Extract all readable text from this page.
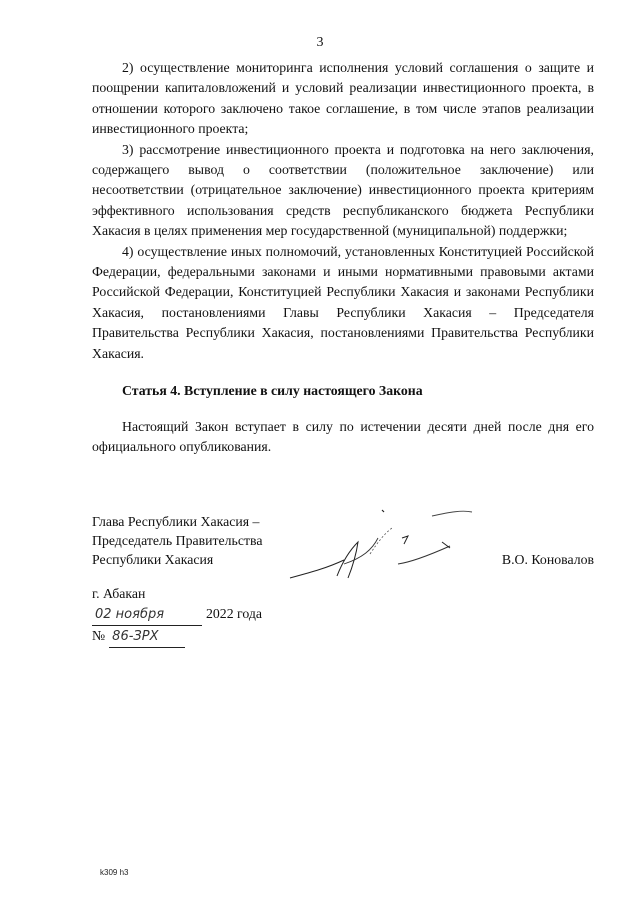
3

2) осуществление мониторинга исполнения условий соглашения о защите и поощрении капиталовложений и условий реализации инвестиционного проекта, в отношении которого заключено такое соглашение, в том числе этапов реализации инвестиционного проекта;

3) рассмотрение инвестиционного проекта и подготовка на него заключения, содержащего вывод о соответствии (положительное заключение) или несоответствии (отрицательное заключение) инвестиционного проекта критериям эффективного использования средств республиканского бюджета Республики Хакасия в целях применения мер государственной (муниципальной) поддержки;

4) осуществление иных полномочий, установленных Конституцией Российской Федерации, федеральными законами и иными нормативными правовыми актами Российской Федерации, Конституцией Республики Хакасия и законами Республики Хакасия, постановлениями Главы Республики Хакасия – Председателя Правительства Республики Хакасия, постановлениями Правительства Республики Хакасия.

Статья 4. Вступление в силу настоящего Закона

Настоящий Закон вступает в силу по истечении десяти дней после дня его официального опубликования.

Глава Республики Хакасия –
Председатель Правительства
Республики Хакасия	В.О. Коновалов
г. Абакан
02 ноября	2022 года
№ 86-ЗРХ
k309 h3
